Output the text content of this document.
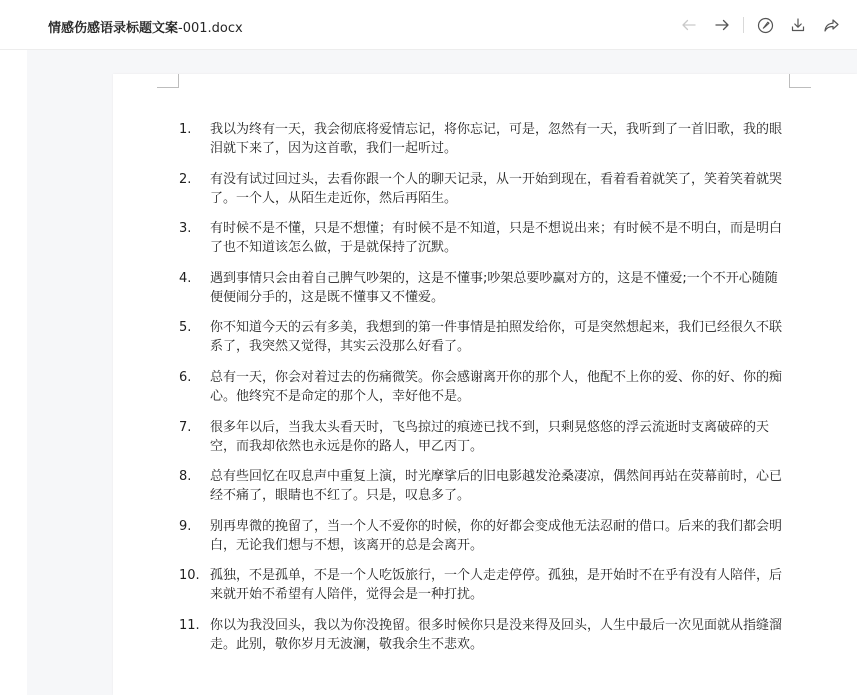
情感伤感语录标题文案-001.docx
1.	我以为终有一天，我会彻底将爱情忘记，将你忘记，可是，忽然有一天，我听到了一首旧歌，我的眼泪就下来了，因为这首歌，我们一起听过。
2.	有没有试过回过头，去看你跟一个人的聊天记录，从一开始到现在，看着看着就笑了，笑着笑着就哭了。一个人，从陌生走近你，然后再陌生。
3.	有时候不是不懂，只是不想懂；有时候不是不知道，只是不想说出来；有时候不是不明白，而是明白了也不知道该怎么做，于是就保持了沉默。
4.	遇到事情只会由着自己脾气吵架的，这是不懂事;吵架总要吵赢对方的，这是不懂爱;一个不开心随随便便闹分手的，这是既不懂事又不懂爱。
5.	你不知道今天的云有多美，我想到的第一件事情是拍照发给你，可是突然想起来，我们已经很久不联系了，我突然又觉得，其实云没那么好看了。
6.	总有一天，你会对着过去的伤痛微笑。你会感谢离开你的那个人，他配不上你的爱、你的好、你的痴心。他终究不是命定的那个人，幸好他不是。
7.	很多年以后，当我太头看天时，飞鸟掠过的痕迹已找不到，只剩晃悠悠的浮云流逝时支离破碎的天空，而我却依然也永远是你的路人，甲乙丙丁。
8.	总有些回忆在叹息声中重复上演，时光摩挲后的旧电影越发沧桑凄凉，偶然间再站在荧幕前时，心已经不痛了，眼睛也不红了。只是，叹息多了。
9.	别再卑微的挽留了，当一个人不爱你的时候，你的好都会变成他无法忍耐的借口。后来的我们都会明白，无论我们想与不想，该离开的总是会离开。
10. 孤独，不是孤单，不是一个人吃饭旅行，一个人走走停停。孤独，是开始时不在乎有没有人陪伴，后来就开始不希望有人陪伴，觉得会是一种打扰。
11. 你以为我没回头，我以为你没挽留。很多时候你只是没来得及回头，人生中最后一次见面就从指缝溜走。此别，敬你岁月无波澜，敬我余生不悲欢。
